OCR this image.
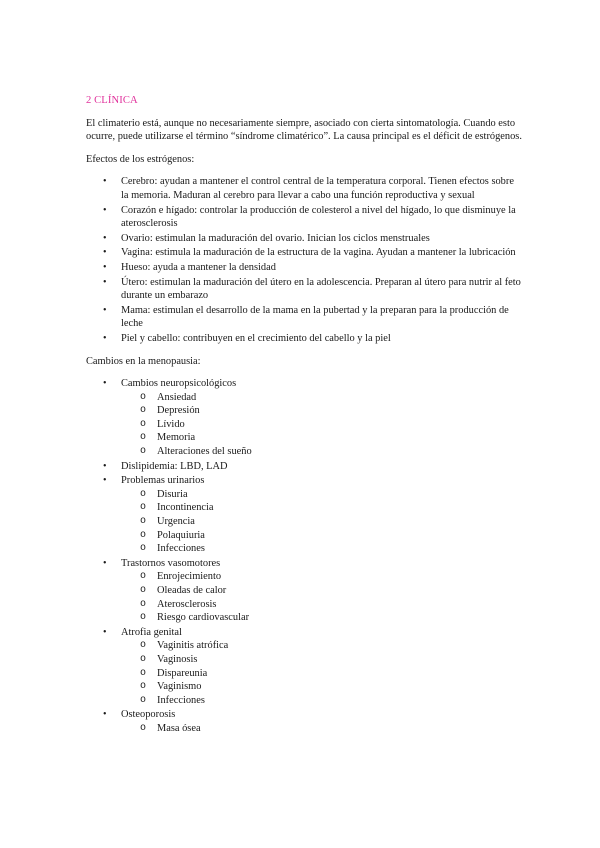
2 CLÍNICA

El climaterio está, aunque no necesariamente siempre, asociado con cierta sintomatología. Cuando esto ocurre, puede utilizarse el término “síndrome climatérico”. La causa principal es el déficit de estrógenos.

Efectos de los estrógenos:

• Cerebro: ayudan a mantener el control central de la temperatura corporal. Tienen efectos sobre la memoria. Maduran al cerebro para llevar a cabo una función reproductiva y sexual
• Corazón e hígado: controlar la producción de colesterol a nivel del hígado, lo que disminuye la aterosclerosis
• Ovario: estimulan la maduración del ovario. Inician los ciclos menstruales
• Vagina: estimula la maduración de la estructura de la vagina. Ayudan a mantener la lubricación
• Hueso: ayuda a mantener la densidad
• Útero: estimulan la maduración del útero en la adolescencia. Preparan al útero para nutrir al feto durante un embarazo
• Mama: estimulan el desarrollo de la mama en la pubertad y la preparan para la producción de leche
• Piel y cabello: contribuyen en el crecimiento del cabello y la piel

Cambios en la menopausia:

• Cambios neuropsicológicos
o Ansiedad
o Depresión
o Lívido
o Memoria
o Alteraciones del sueño
• Dislipidemia: LBD, LAD
• Problemas urinarios
o Disuria
o Incontinencia
o Urgencia
o Polaquiuria
o Infecciones
• Trastornos vasomotores
o Enrojecimiento
o Oleadas de calor
o Aterosclerosis
o Riesgo cardiovascular
• Atrofia genital
o Vaginitis atrófica
o Vaginosis
o Dispareunia
o Vaginismo
o Infecciones
• Osteoporosis
o Masa ósea
